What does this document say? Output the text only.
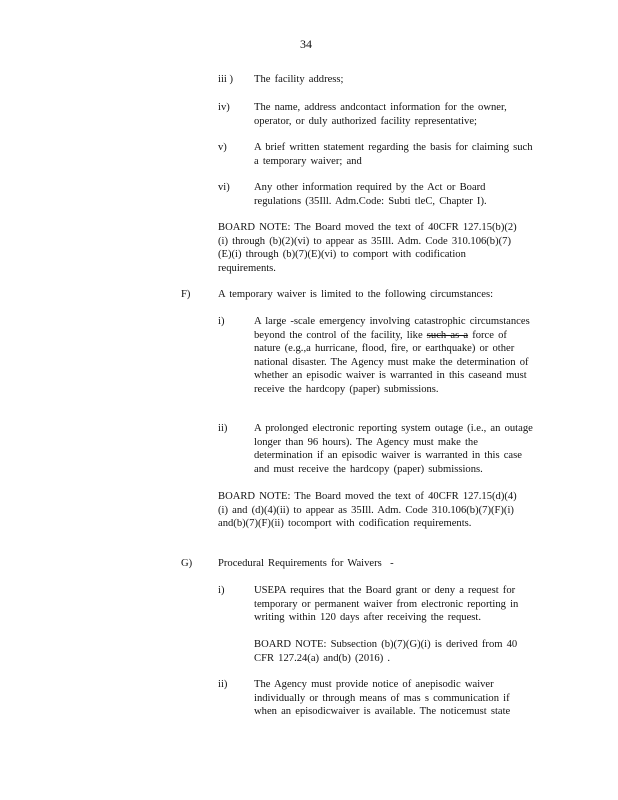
34
iii ) The facility address;
iv) The name, address andcontact information for the owner, operator, or duly authorized facility representative;
v)	A brief written statement regarding the basis for claiming such a temporary waiver; and
vi) Any other information required by the Act or Board regulations (35Ill. Adm.Code: Subti tleC, Chapter I).
BOARD NOTE: The Board moved the text of 40CFR 127.15(b)(2)(i) through (b)(2)(vi) to appear as 35Ill. Adm. Code 310.106(b)(7)(E)(i) through (b)(7)(E)(vi) to comport with codification requirements.
F)	A temporary waiver is limited to the following circumstances:
i)	A large -scale emergency involving catastrophic circumstances beyond the control of the facility, like such as a force of nature (e.g.,a hurricane, flood, fire, or earthquake) or other national disaster. The Agency must make the determination of whether an episodic waiver is warranted in this caseand must receive the hardcopy (paper) submissions.
ii)	A prolonged electronic reporting system outage (i.e., an outage longer than 96 hours). The Agency must make the determination if an episodic waiver is warranted in this case and must receive the hardcopy (paper) submissions.
BOARD NOTE: The Board moved the text of 40CFR 127.15(d)(4)(i) and (d)(4)(ii) to appear as 35Ill. Adm. Code 310.106(b)(7)(F)(i) and(b)(7)(F)(ii) tocomport with codification requirements.
G) Procedural Requirements for Waivers -
i)	USEPA requires that the Board grant or deny a request for temporary or permanent waiver from electronic reporting in writing within 120 days after receiving the request.
BOARD NOTE: Subsection (b)(7)(G)(i) is derived from 40 CFR 127.24(a) and(b) (2016) .
ii)	The Agency must provide notice of anepisodic waiver individually or through means of mas s communication if when an episodicwaiver is available. The noticemust state
